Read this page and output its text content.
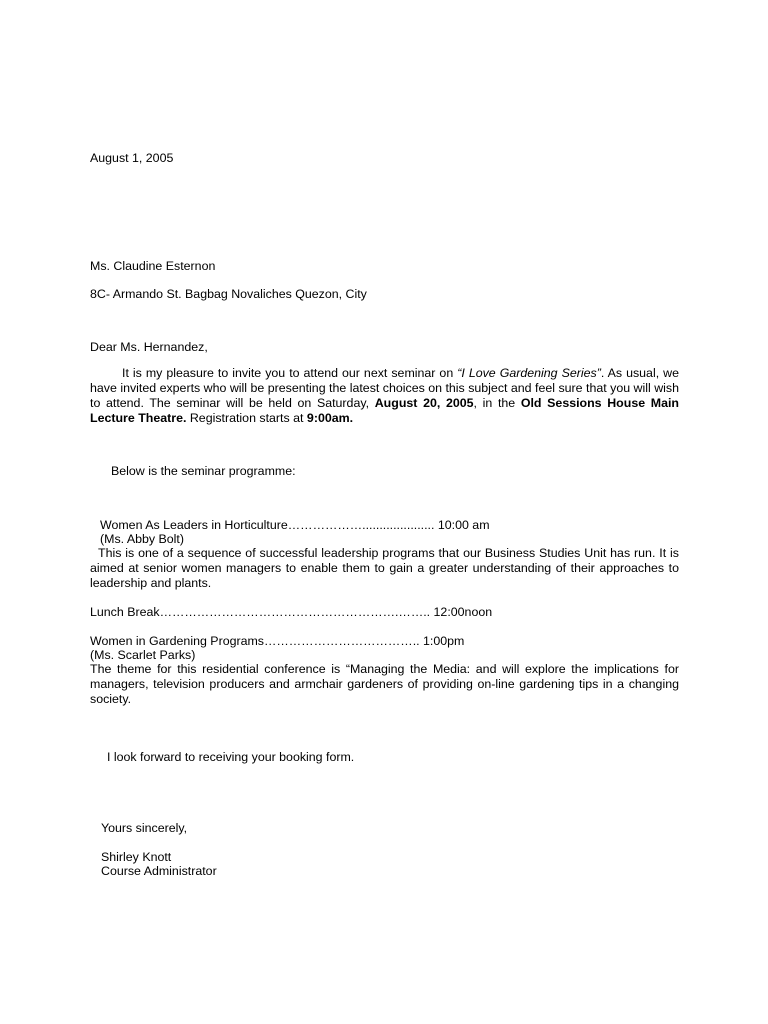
August 1, 2005
Ms. Claudine Esternon
8C- Armando St. Bagbag Novaliches Quezon, City
Dear Ms. Hernandez,
It is my pleasure to invite you to attend our next seminar on “I Love Gardening Series”. As usual, we have invited experts who will be presenting the latest choices on this subject and feel sure that you will wish to attend. The seminar will be held on Saturday, August 20, 2005, in the Old Sessions House Main Lecture Theatre. Registration starts at 9:00am.
Below is the seminar programme:
Women As Leaders in Horticulture………………..................... 10:00 am
(Ms. Abby Bolt)
This is one of a sequence of successful leadership programs that our Business Studies Unit has run. It is aimed at senior women managers to enable them to gain a greater understanding of their approaches to leadership and plants.
Lunch Break………………………………………………….…….. 12:00noon
Women in Gardening Programs……………………………….. 1:00pm
(Ms. Scarlet Parks)
The theme for this residential conference is “Managing the Media: and will explore the implications for managers, television producers and armchair gardeners of providing on-line gardening tips in a changing society.
I look forward to receiving your booking form.
Yours sincerely,
Shirley Knott
Course Administrator
